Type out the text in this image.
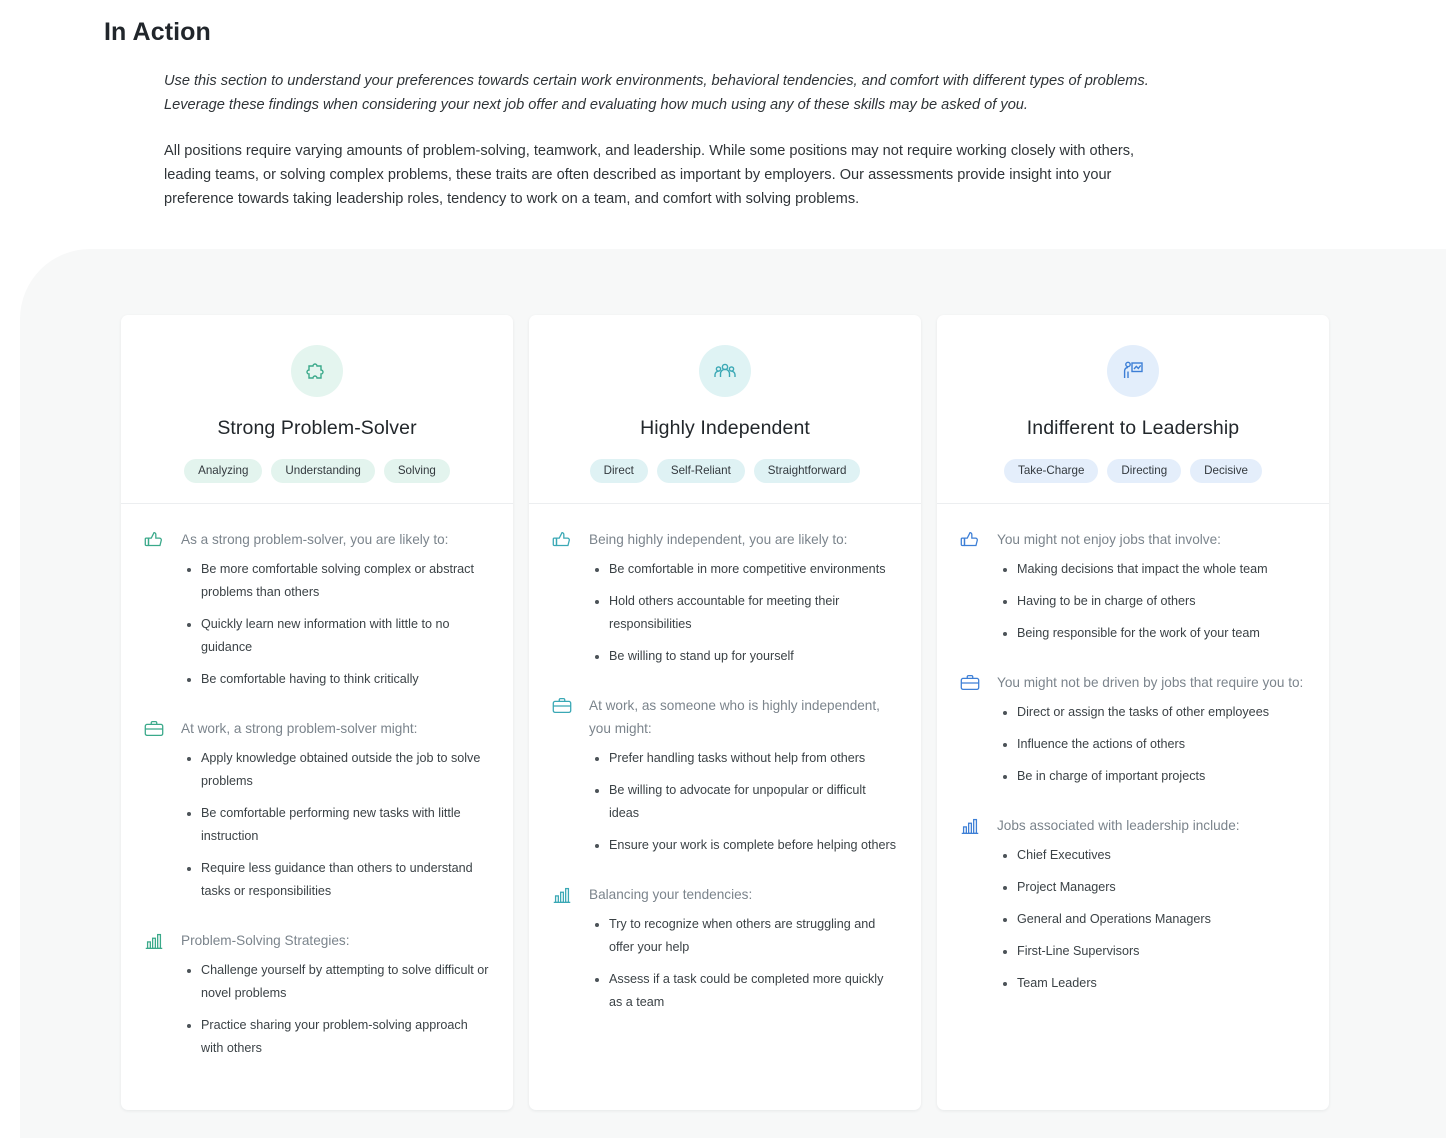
In Action

Use this section to understand your preferences towards certain work environments, behavioral tendencies, and comfort with different types of problems. Leverage these findings when considering your next job offer and evaluating how much using any of these skills may be asked of you.

All positions require varying amounts of problem-solving, teamwork, and leadership. While some positions may not require working closely with others, leading teams, or solving complex problems, these traits are often described as important by employers. Our assessments provide insight into your preference towards taking leadership roles, tendency to work on a team, and comfort with solving problems.

Strong Problem-Solver
Analyzing	Understanding	Solving

As a strong problem-solver, you are likely to:

Be more comfortable solving complex or abstract problems than others
Quickly learn new information with little to no guidance
Be comfortable having to think critically

At work, a strong problem-solver might:

Apply knowledge obtained outside the job to solve problems
Be comfortable performing new tasks with little instruction
Require less guidance than others to understand tasks or responsibilities

Problem-Solving Strategies:

Challenge yourself by attempting to solve difficult or novel problems
Practice sharing your problem-solving approach with others
Highly Independent
Direct	Self-Reliant	Straightforward

Being highly independent, you are likely to:

Be comfortable in more competitive environments
Hold others accountable for meeting their responsibilities
Be willing to stand up for yourself

At work, as someone who is highly independent, you might:

Prefer handling tasks without help from others
Be willing to advocate for unpopular or difficult ideas
Ensure your work is complete before helping others

Balancing your tendencies:

Try to recognize when others are struggling and offer your help
Assess if a task could be completed more quickly as a team
Indifferent to Leadership
Take-Charge	Directing	Decisive

You might not enjoy jobs that involve:

Making decisions that impact the whole team
Having to be in charge of others
Being responsible for the work of your team

You might not be driven by jobs that require you to:

Direct or assign the tasks of other employees
Influence the actions of others
Be in charge of important projects

Jobs associated with leadership include:

Chief Executives
Project Managers
General and Operations Managers
First-Line Supervisors
Team Leaders
